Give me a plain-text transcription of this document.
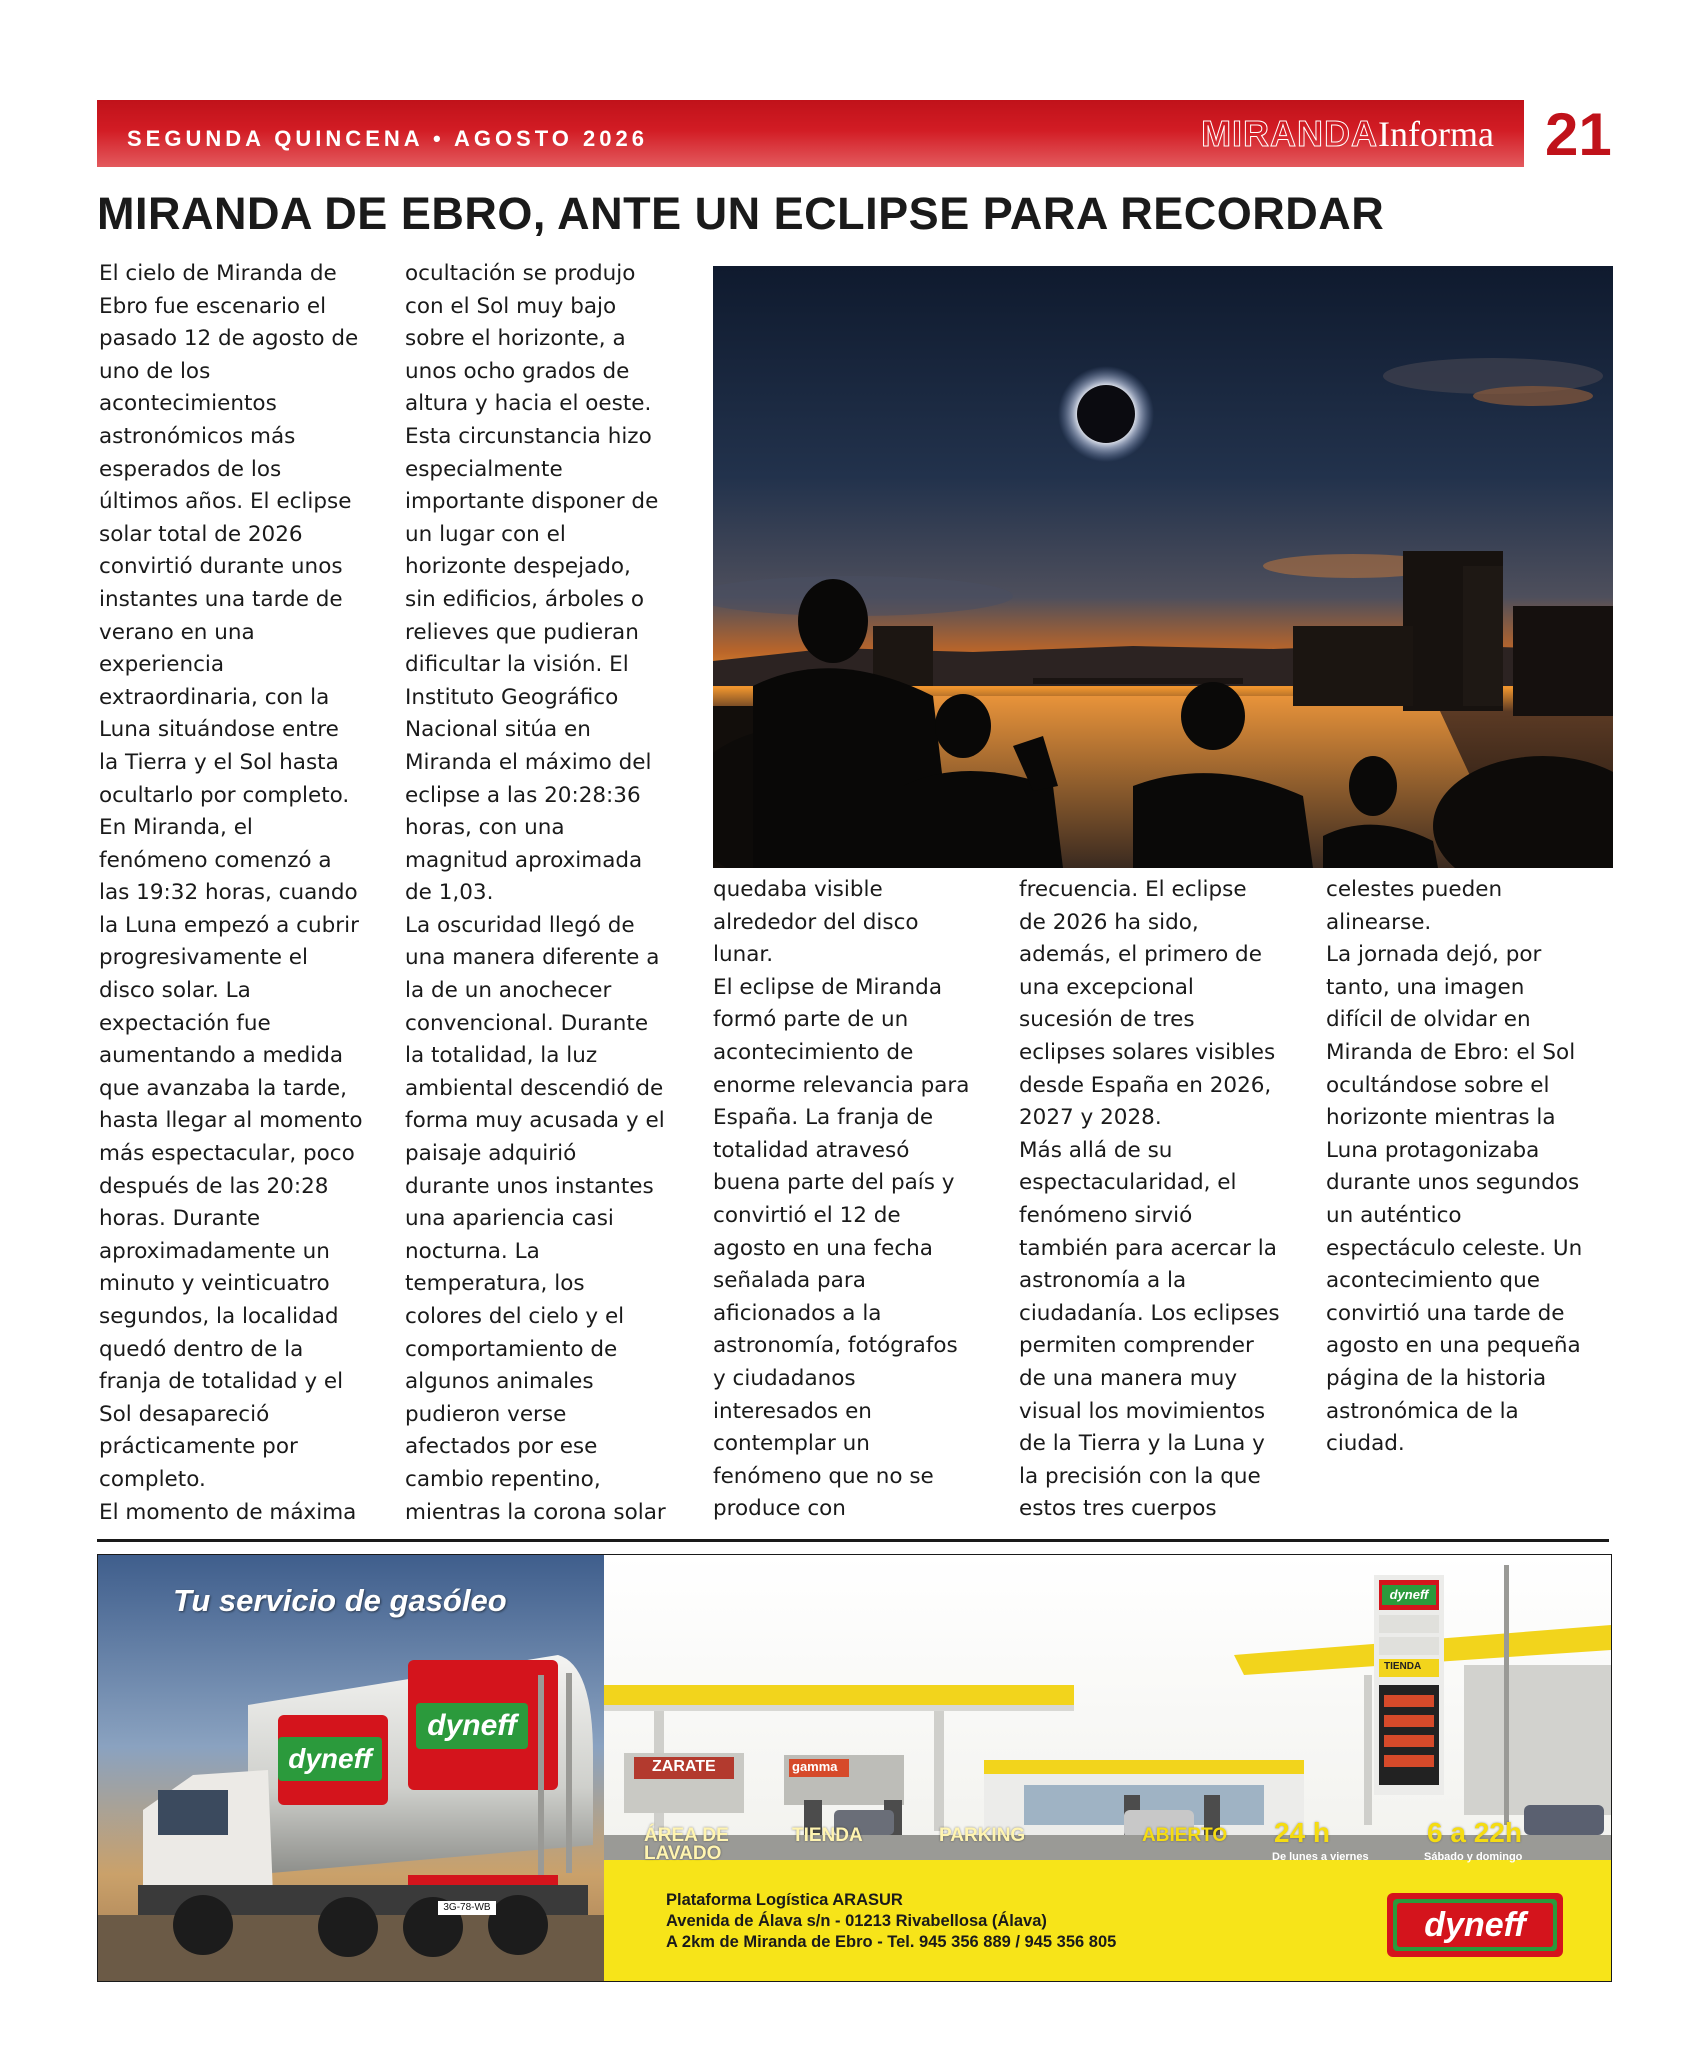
SEGUNDA QUINCENA • AGOSTO 2026	MIRANDAInforma 21
MIRANDA DE EBRO, ANTE UN ECLIPSE PARA RECORDAR

El cielo de Miranda de
Ebro fue escenario el
pasado 12 de agosto de
uno de los
acontecimientos
astronómicos más
esperados de los
últimos años. El eclipse
solar total de 2026
convirtió durante unos
instantes una tarde de
verano en una
experiencia
extraordinaria, con la
Luna situándose entre
la Tierra y el Sol hasta
ocultarlo por completo.
En Miranda, el
fenómeno comenzó a
las 19:32 horas, cuando
la Luna empezó a cubrir
progresivamente el
disco solar. La
expectación fue
aumentando a medida
que avanzaba la tarde,
hasta llegar al momento
más espectacular, poco
después de las 20:28
horas. Durante
aproximadamente un
minuto y veinticuatro
segundos, la localidad
quedó dentro de la
franja de totalidad y el
Sol desapareció
prácticamente por
completo.
El momento de máxima

ocultación se produjo
con el Sol muy bajo
sobre el horizonte, a
unos ocho grados de
altura y hacia el oeste.
Esta circunstancia hizo
especialmente
importante disponer de
un lugar con el
horizonte despejado,
sin edificios, árboles o
relieves que pudieran
dificultar la visión. El
Instituto Geográfico
Nacional sitúa en
Miranda el máximo del
eclipse a las 20:28:36
horas, con una
magnitud aproximada
de 1,03.
La oscuridad llegó de
una manera diferente a
la de un anochecer
convencional. Durante
la totalidad, la luz
ambiental descendió de
forma muy acusada y el
paisaje adquirió
durante unos instantes
una apariencia casi
nocturna. La
temperatura, los
colores del cielo y el
comportamiento de
algunos animales
pudieron verse
afectados por ese
cambio repentino,
mientras la corona solar

quedaba visible
alrededor del disco
lunar.
El eclipse de Miranda
formó parte de un
acontecimiento de
enorme relevancia para
España. La franja de
totalidad atravesó
buena parte del país y
convirtió el 12 de
agosto en una fecha
señalada para
aficionados a la
astronomía, fotógrafos
y ciudadanos
interesados en
contemplar un
fenómeno que no se
produce con

frecuencia. El eclipse
de 2026 ha sido,
además, el primero de
una excepcional
sucesión de tres
eclipses solares visibles
desde España en 2026,
2027 y 2028.
Más allá de su
espectacularidad, el
fenómeno sirvió
también para acercar la
astronomía a la
ciudadanía. Los eclipses
permiten comprender
de una manera muy
visual los movimientos
de la Tierra y la Luna y
la precisión con la que
estos tres cuerpos

celestes pueden
alinearse.
La jornada dejó, por
tanto, una imagen
difícil de olvidar en
Miranda de Ebro: el Sol
ocultándose sobre el
horizonte mientras la
Luna protagonizaba
durante unos segundos
un auténtico
espectáculo celeste. Un
acontecimiento que
convirtió una tarde de
agosto en una pequeña
página de la historia
astronómica de la
ciudad.

Tu servicio de gasóleo
dyneff
dyneff
3G-78-WB
ZARATE	gamma
TIENDA
dyneff
ÁREA DE
LAVADO
TIENDA	PARKING	ABIERTO 24 h
De lunes a viernes
6 a 22h
Sábado y domingo
Plataforma Logística ARASUR
Avenida de Álava s/n - 01213 Rivabellosa (Álava)
A 2km de Miranda de Ebro - Tel. 945 356 889 / 945 356 805	dyneff
